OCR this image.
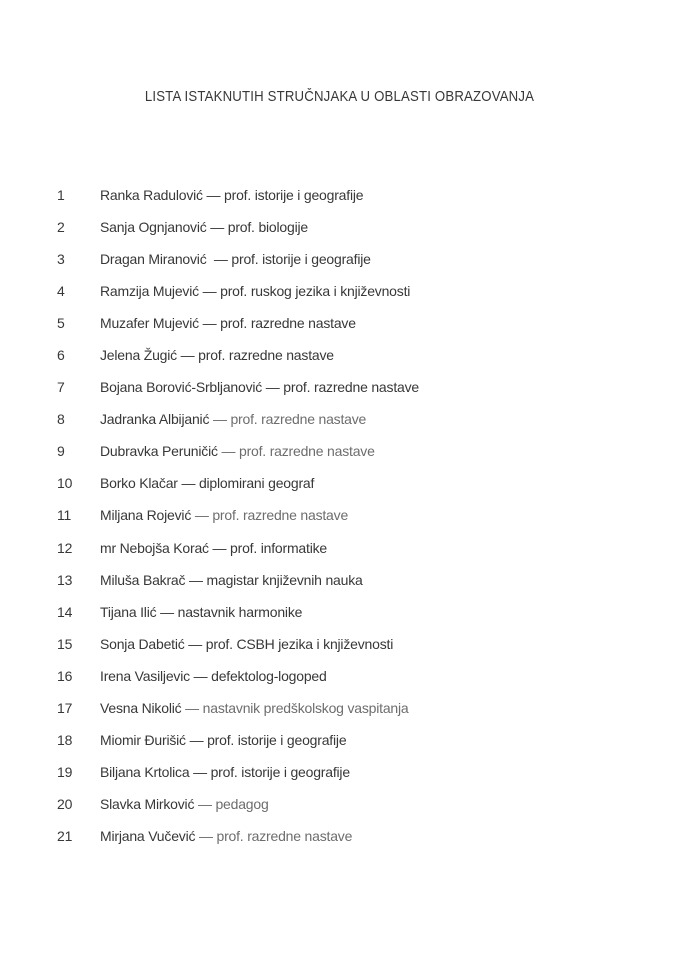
LISTA ISTAKNUTIH STRUČNJAKA U OBLASTI OBRAZOVANJA
1	Ranka Radulović — prof. istorije i geografije
2	Sanja Ognjanović — prof. biologije
3	Dragan Miranović  — prof. istorije i geografije
4	Ramzija Mujević — prof. ruskog jezika i književnosti
5	Muzafer Mujević — prof. razredne nastave
6	Jelena Žugić — prof. razredne nastave
7	Bojana Borović-Srbljanović — prof. razredne nastave
8	Jadranka Albijanić — prof. razredne nastave
9	Dubravka Peruničić — prof. razredne nastave
10	Borko Klačar — diplomirani geograf
11	Miljana Rojević — prof. razredne nastave
12	mr Nebojša Korać — prof. informatike
13	Miluša Bakrač — magistar književnih nauka
14	Tijana Ilić — nastavnik harmonike
15	Sonja Dabetić — prof. CSBH jezika i književnosti
16	Irena Vasiljevic — defektolog-logoped
17	Vesna Nikolić — nastavnik predškolskog vaspitanja
18	Miomir Đurišić — prof. istorije i geografije
19	Biljana Krtolica — prof. istorije i geografije
20	Slavka Mirković — pedagog
21	Mirjana Vučević — prof. razredne nastave
